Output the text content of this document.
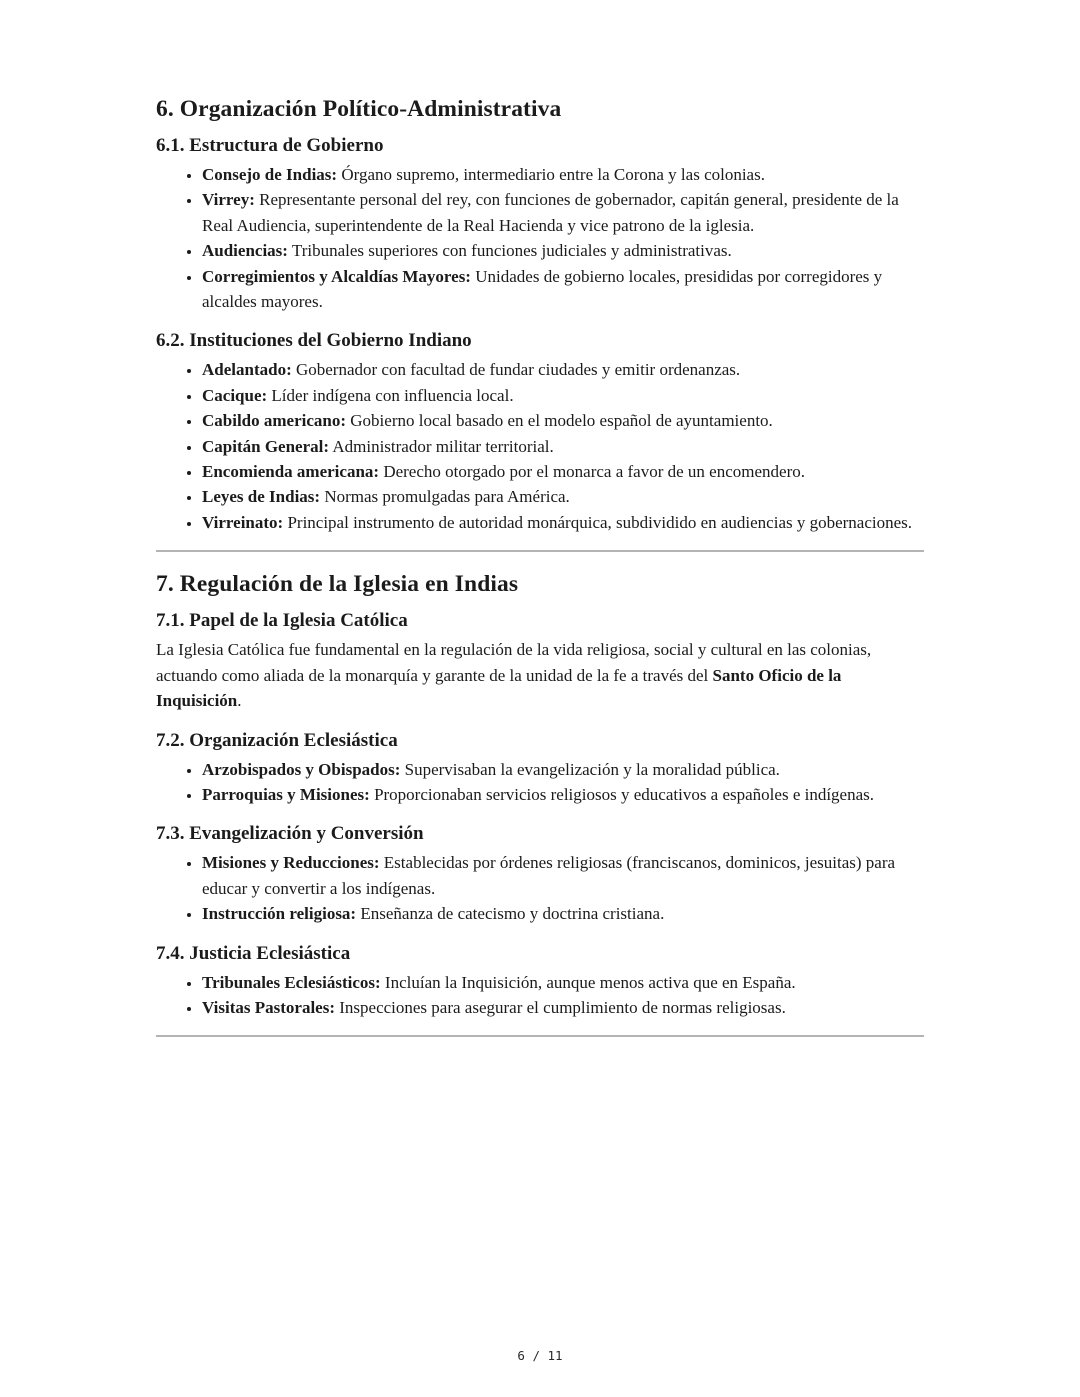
6. Organización Político-Administrativa
6.1. Estructura de Gobierno
• Consejo de Indias: Órgano supremo, intermediario entre la Corona y las colonias.
• Virrey: Representante personal del rey, con funciones de gobernador, capitán general, presidente de la Real Audiencia, superintendente de la Real Hacienda y vice patrono de la iglesia.
• Audiencias: Tribunales superiores con funciones judiciales y administrativas.
• Corregimientos y Alcaldías Mayores: Unidades de gobierno locales, presididas por corregidores y alcaldes mayores.
6.2. Instituciones del Gobierno Indiano
• Adelantado: Gobernador con facultad de fundar ciudades y emitir ordenanzas.
• Cacique: Líder indígena con influencia local.
• Cabildo americano: Gobierno local basado en el modelo español de ayuntamiento.
• Capitán General: Administrador militar territorial.
• Encomienda americana: Derecho otorgado por el monarca a favor de un encomendero.
• Leyes de Indias: Normas promulgadas para América.
• Virreinato: Principal instrumento de autoridad monárquica, subdividido en audiencias y gobernaciones.
7. Regulación de la Iglesia en Indias
7.1. Papel de la Iglesia Católica

La Iglesia Católica fue fundamental en la regulación de la vida religiosa, social y cultural en las colonias, actuando como aliada de la monarquía y garante de la unidad de la fe a través del Santo Oficio de la Inquisición.

7.2. Organización Eclesiástica
• Arzobispados y Obispados: Supervisaban la evangelización y la moralidad pública.
• Parroquias y Misiones: Proporcionaban servicios religiosos y educativos a españoles e indígenas.
7.3. Evangelización y Conversión
• Misiones y Reducciones: Establecidas por órdenes religiosas (franciscanos, dominicos, jesuitas) para educar y convertir a los indígenas.
• Instrucción religiosa: Enseñanza de catecismo y doctrina cristiana.
7.4. Justicia Eclesiástica
• Tribunales Eclesiásticos: Incluían la Inquisición, aunque menos activa que en España.
• Visitas Pastorales: Inspecciones para asegurar el cumplimiento de normas religiosas.
6 / 11
